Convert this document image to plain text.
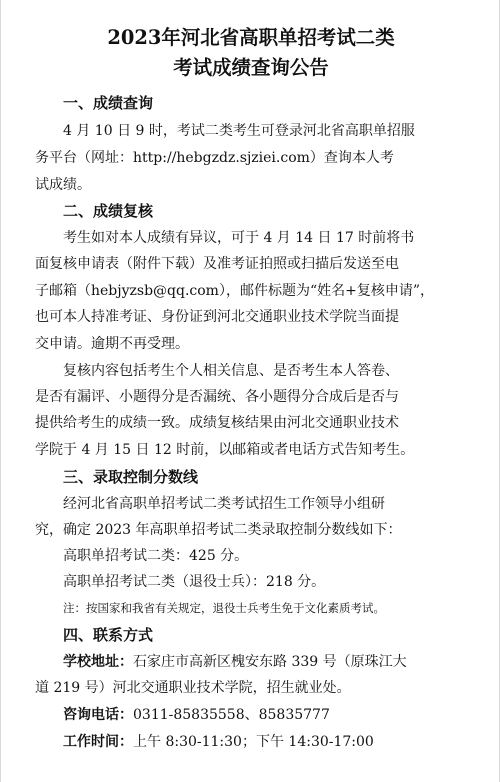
2023年河北省高职单招考试二类
考试成绩查询公告
一、成绩查询
4 月 10 日 9 时，考试二类考生可登录河北省高职单招服
务平台（网址：http://hebgzdz.sjziei.com）查询本人考
试成绩。
二、成绩复核
考生如对本人成绩有异议，可于 4 月 14 日 17 时前将书
面复核申请表（附件下载）及准考证拍照或扫描后发送至电
子邮箱（hebjyzsb@qq.com），邮件标题为“姓名+复核申请”，
也可本人持准考证、身份证到河北交通职业技术学院当面提
交申请。逾期不再受理。
复核内容包括考生个人相关信息、是否考生本人答卷、
是否有漏评、小题得分是否漏统、各小题得分合成后是否与
提供给考生的成绩一致。成绩复核结果由河北交通职业技术
学院于 4 月 15 日 12 时前，以邮箱或者电话方式告知考生。
三、录取控制分数线
经河北省高职单招考试二类考试招生工作领导小组研
究，确定 2023 年高职单招考试二类录取控制分数线如下：
高职单招考试二类：425 分。
高职单招考试二类（退役士兵）：218 分。
注：按国家和我省有关规定，退役士兵考生免于文化素质考试。
四、联系方式
学校地址：石家庄市高新区槐安东路 339 号（原珠江大
道 219 号）河北交通职业技术学院，招生就业处。
咨询电话：0311-85835558、85835777
工作时间：上午 8:30-11:30；下午 14:30-17:00
